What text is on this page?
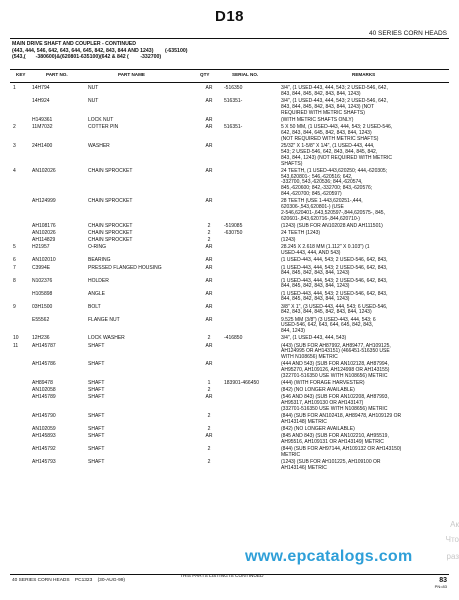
D18
40 SERIES CORN HEADS
MAIN DRIVE SHAFT AND COUPLER - CONTINUED
(443, 444, 546, 642, 643, 644, 645, 842, 843, 844 AND 1243)        (-635100)
(543,(       -380600)&(620801-635100)(642 & 842 (        -332700)
KEY	PART NO.	PART NAME	QTY	SERIAL NO.	REMARKS
1	14H794	NUT	AR	-516350	3/4", (1 USED-443, 444, 543; 2 USED-546, 642,
843, 844, 845, 842, 843, 844, 1243)
14H924	NUT	AR	516351-	3/4", (1 USED-443, 444, 543; 2 USED-546, 642,
843, 844, 845, 842, 843, 844, 1243) (NOT
REQUIRED WITH METRIC SHAFTS)
H149361	LOCK NUT	AR	(WITH METRIC SHAFTS ONLY)
2	11M7032	COTTER PIN	AR	516351-	5 X 50 MM, (1 USED-443, 444, 543; 2 USED-546,
642, 843, 844, 645, 842, 843, 844, 1243)
(NOT REQUIRED WITH METRIC SHAFTS)
3	24H1400	WASHER	AR	25/32" X 1-5/8" X 1/4", (1 USED-443, 444,
543; 2 USED-546, 642, 843, 844, 845, 842,
843, 844, 1243) (NOT REQUIRED WITH METRIC
SHAFTS)
4	AN102026	CHAIN SPROCKET	AR	24 TEETH, (1 USED-443,620250; 444,-620305;
543,620801-; 546,-620516; 642,
-332700, 543,-620536; 844,-620574,
845,-620600; 842,-332700; 843,-620576;
844,-620700; 845,-620597)
AH124999	CHAIN SPROCKET	AR	28 TEETH (USE 1-443,620251-,444,
620306-,543,620801-) (USE
2-546,620401-,643,520597-,844,620575-, 845,
620601-,843,620716-,844,620710-)
AH108176	CHAIN SPROCKET	2	-519085	(1243) (SUB FOR AN102028 AND AH111501)
AN102026	CHAIN SPROCKET	2	-630750	24 TEETH (1243)
AH114829	CHAIN SPROCKET	2	(1243)
5	H21957	O-RING	AR	28.245 X 2.618 MM (1.112" X 0.103") (1
USED-443, 444, AND 543)
6	AN102010	BEARING	AR	(1 USED-443, 444, 543; 2 USED-546, 642, 843,
7	C3994E	PRESSED FLANGED HOUSING	AR	(1 USED-443, 444, 543; 2 USED-546, 642, 843,
844, 845, 842, 843, 844, 1243)
8	N102376	HOLDER	AR	(1 USED-443, 444, 543; 2 USED-546, 642, 843,
844, 845, 842, 843, 844, 1243)
H105898	ANGLE	AR	(1 USED-443, 444, 543; 2 USED-546, 642, 843,
844, 845, 842, 843, 844, 1243)
9	03H1500	BOLT	AR	3/8" X 1", (3 USED-443, 444, 543; 6 USED-546,
842, 843, 844, 845, 842, 843, 844, 1243)
E55562	FLANGE NUT	AR	9.525 MM (3/8") (3 USED-443, 444, 543; 6
USED-546, 642, 643, 644, 645, 842, 843,
844, 1243)
10	12H236	LOCK WASHER	2	-416850	3/4", (1 USED-443, 444, 543)
11	AH145787	SHAFT	AR	(443) (SUB FOR AH87992, AH89477, AH109125,
AH124995 OR AH143151) (466451-516350 USE
WITH N108656) METRIC
AH145786	SHAFT	AR	(444 AND 543) (SUB FOR AN102128, AH87994,
AH95270, AH109126, AH124998 OR AH143155)
(322701-516350 USE WITH N108656) METRIC
AH89478	SHAFT	1	183901-466450	(444) (WITH FORAGE HARVESTER)
AN102058	SHAFT	2	(842) (NO LONGER AVAILABLE)
AH145789	SHAFT	AR	(546 AND 843) (SUB FOR AN102208, AH87993,
AH95317, AH109130 OR AH143147)
(332701-516350 USE WITH N108656) METRIC
AH145790	SHAFT	2	(844) (SUB FOR AN102418, AH89478, AH109129 OR
AH143148) METRIC
AN102059	SHAFT	2	(842) (NO LONGER AVAILABLE)
AH145893	SHAFT	AR	(845 AND 843) (SUB FOR AN102210, AH95519,
AH95516, AH109131 OR AH143149) METRIC
AH145792	SHAFT	2	(844) (SUB FOR AH97144, AH109132 OR AH143150)
METRIC
AH145793	SHAFT	2	(1243) (SUB FOR AH101225, AH109100 OR
AH143146) METRIC
www.epcatalogs.com
Ак
Что
раз
40 SERIES CORN HEADS    PC1323    (30-AUG-99)
THIS PARTS LISTING IS CONTINUED
83
PN=83
